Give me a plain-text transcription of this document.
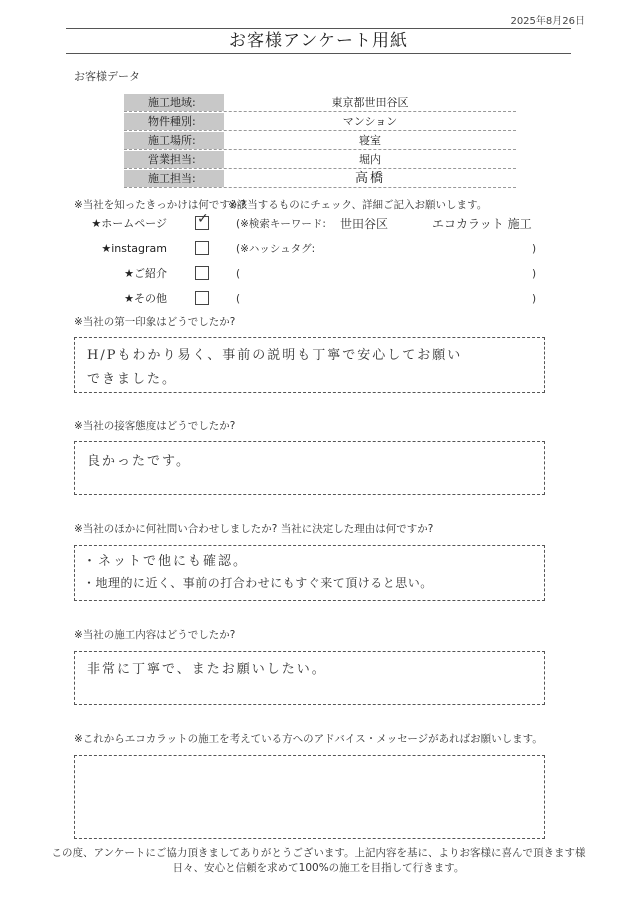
2025年8月26日
お客様アンケート用紙
お客様データ
施工地域:	東京都世田谷区
物件種別:	マンション
施工場所:	寝室
営業担当:	堀内
施工担当:	高橋
※当社を知ったきっかけは何ですか?
※該当するものにチェック、詳細ご記入お願いします。
★ホームページ ✓	(※検索キーワード: 世田谷区	エコカラット 施工
★instagram	(※ハッシュタグ:	)
★ご紹介	(	)
★その他	(	)
※当社の第一印象はどうでしたか?
H/Pもわかり易く、事前の説明も丁寧で安心してお願い
できました。
※当社の接客態度はどうでしたか?
良かったです。
※当社のほかに何社問い合わせしましたか? 当社に決定した理由は何ですか?
・ネットで他にも確認。
・地理的に近く、事前の打合わせにもすぐ来て頂けると思い。
※当社の施工内容はどうでしたか?
非常に丁寧で、またお願いしたい。
※これからエコカラットの施工を考えている方へのアドバイス・メッセージがあればお願いします。
この度、アンケートにご協力頂きましてありがとうございます。上記内容を基に、よりお客様に喜んで頂きます様
日々、安心と信頼を求めて100%の施工を目指して行きます。
